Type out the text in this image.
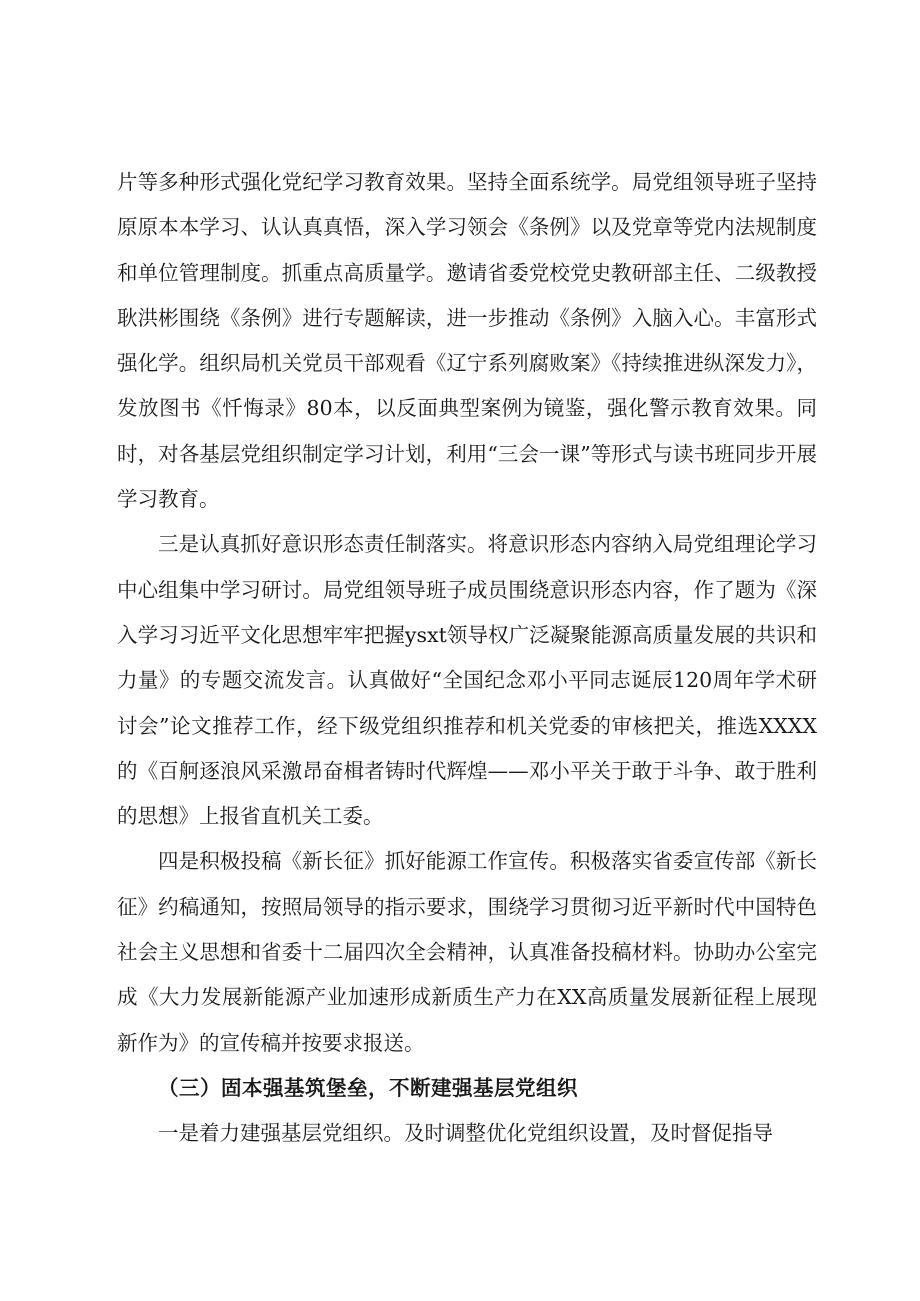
片等多种形式强化党纪学习教育效果。坚持全面系统学。局党组领导班子坚持原原本本学习、认认真真悟，深入学习领会《条例》以及党章等党内法规制度和单位管理制度。抓重点高质量学。邀请省委党校党史教研部主任、二级教授耿洪彬围绕《条例》进行专题解读，进一步推动《条例》入脑入心。丰富形式强化学。组织局机关党员干部观看《辽宁系列腐败案》《持续推进纵深发力》，发放图书《忏悔录》80本，以反面典型案例为镜鉴，强化警示教育效果。同时，对各基层党组织制定学习计划，利用“三会一课”等形式与读书班同步开展学习教育。

三是认真抓好意识形态责任制落实。将意识形态内容纳入局党组理论学习中心组集中学习研讨。局党组领导班子成员围绕意识形态内容，作了题为《深入学习习近平文化思想牢牢把握ysxt领导权广泛凝聚能源高质量发展的共识和力量》的专题交流发言。认真做好“全国纪念邓小平同志诞辰120周年学术研讨会”论文推荐工作，经下级党组织推荐和机关党委的审核把关，推选XXXX的《百舸逐浪风采激昂奋楫者铸时代辉煌——邓小平关于敢于斗争、敢于胜利的思想》上报省直机关工委。

四是积极投稿《新长征》抓好能源工作宣传。积极落实省委宣传部《新长征》约稿通知，按照局领导的指示要求，围绕学习贯彻习近平新时代中国特色社会主义思想和省委十二届四次全会精神，认真准备投稿材料。协助办公室完成《大力发展新能源产业加速形成新质生产力在XX高质量发展新征程上展现新作为》的宣传稿并按要求报送。

（三）固本强基筑堡垒，不断建强基层党组织

一是着力建强基层党组织。及时调整优化党组织设置，及时督促指导
